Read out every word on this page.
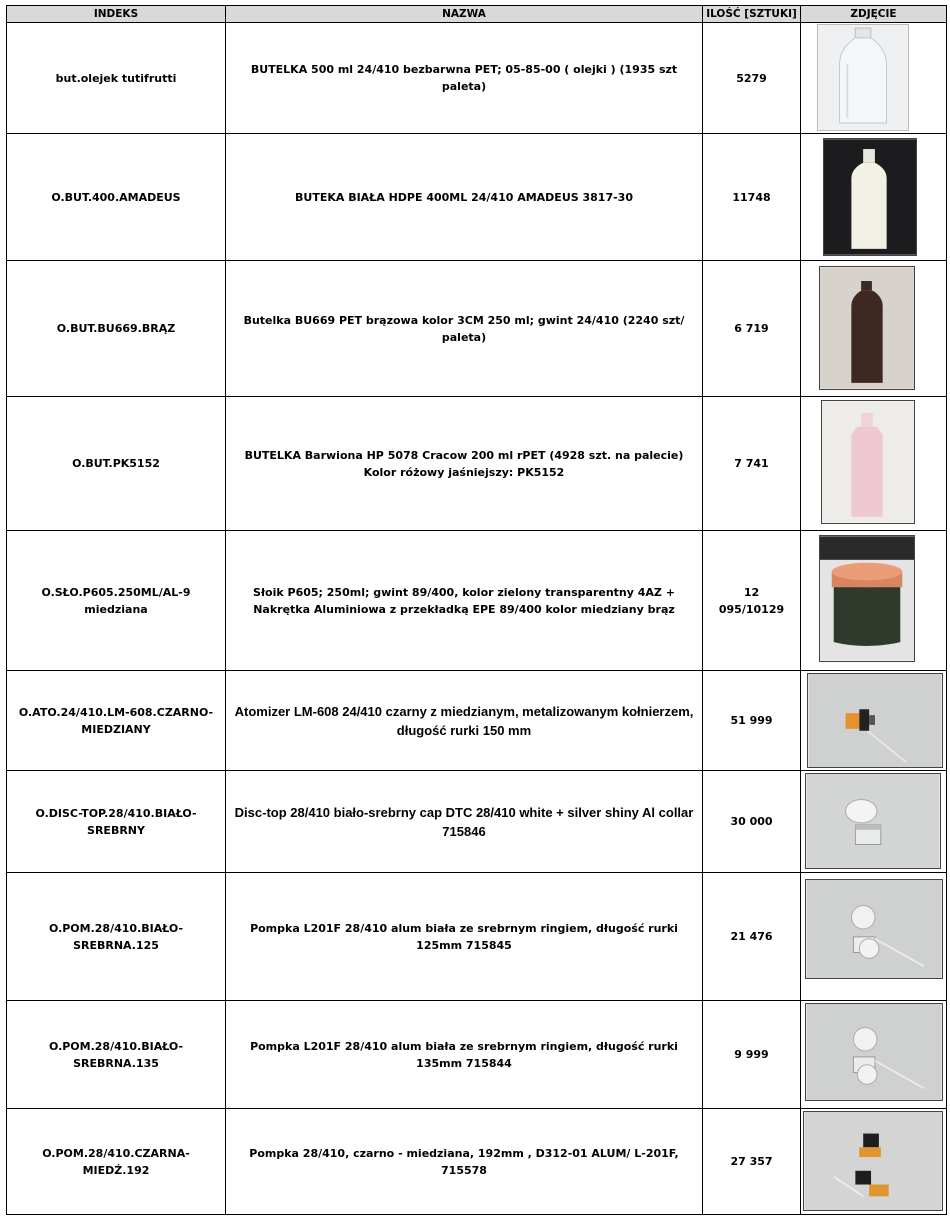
INDEKS	NAZWA	ILOŚĆ [SZTUKI]	ZDJĘCIE
but.olejek tutifrutti	BUTELKA 500 ml 24/410 bezbarwna PET; 05-85-00 ( olejki ) (1935 szt paleta)	5279	

O.BUT.400.AMADEUS	BUTEKA BIAŁA HDPE 400ML 24/410 AMADEUS 3817-30	11748	

O.BUT.BU669.BRĄZ	Butelka BU669 PET brązowa kolor 3CM 250 ml; gwint 24/410 (2240 szt/ paleta)	6 719	

O.BUT.PK5152	BUTELKA Barwiona HP 5078 Cracow 200 ml rPET (4928 szt. na palecie) Kolor różowy jaśniejszy: PK5152	7 741	

O.SŁO.P605.250ML/AL-9 miedziana	Słoik P605; 250ml; gwint 89/400, kolor zielony transparentny 4AZ + Nakrętka Aluminiowa z przekładką EPE 89/400 kolor miedziany brąz	12 095/10129	

O.ATO.24/410.LM-608.CZARNO-MIEDZIANY	Atomizer LM-608 24/410 czarny z miedzianym, metalizowanym kołnierzem, długość rurki 150 mm	51 999	

O.DISC-TOP.28/410.BIAŁO-SREBRNY	Disc-top 28/410 biało-srebrny cap DTC 28/410 white + silver shiny Al collar 715846	30 000	

O.POM.28/410.BIAŁO-SREBRNA.125	Pompka L201F 28/410 alum biała ze srebrnym ringiem, długość rurki 125mm 715845	21 476	

O.POM.28/410.BIAŁO-SREBRNA.135	Pompka L201F 28/410 alum biała ze srebrnym ringiem, długość rurki 135mm 715844	9 999	

O.POM.28/410.CZARNA-MIEDŹ.192	Pompka 28/410, czarno - miedziana, 192mm , D312-01 ALUM/ L-201F, 715578	27 357	
